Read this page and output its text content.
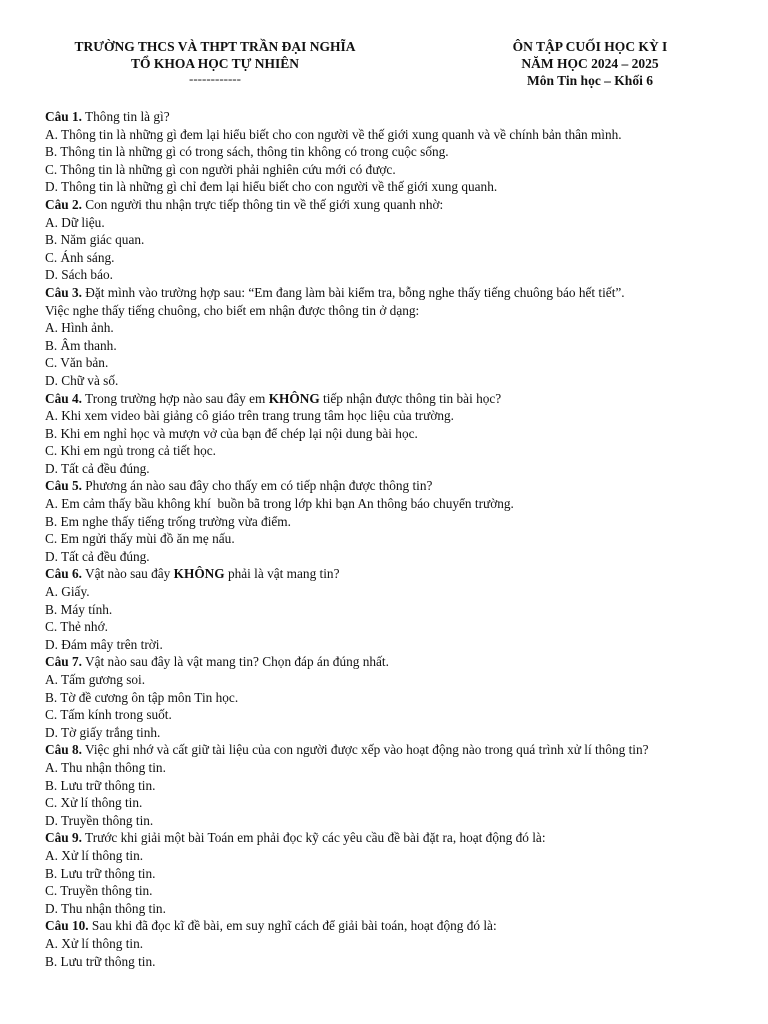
TRƯỜNG THCS VÀ THPT TRẦN ĐẠI NGHĨA
TỔ KHOA HỌC TỰ NHIÊN
------------
ÔN TẬP CUỐI HỌC KỲ I
NĂM HỌC 2024 – 2025
Môn Tin học – Khối 6
Câu 1. Thông tin là gì?
A. Thông tin là những gì đem lại hiểu biết cho con người về thế giới xung quanh và về chính bản thân mình.
B. Thông tin là những gì có trong sách, thông tin không có trong cuộc sống.
C. Thông tin là những gì con người phải nghiên cứu mới có được.
D. Thông tin là những gì chỉ đem lại hiểu biết cho con người về thế giới xung quanh.
Câu 2. Con người thu nhận trực tiếp thông tin về thế giới xung quanh nhờ:
A. Dữ liệu.
B. Năm giác quan.
C. Ánh sáng.
D. Sách báo.
Câu 3. Đặt mình vào trường hợp sau: “Em đang làm bài kiểm tra, bỗng nghe thấy tiếng chuông báo hết tiết”.
Việc nghe thấy tiếng chuông, cho biết em nhận được thông tin ở dạng:
A. Hình ảnh.
B. Âm thanh.
C. Văn bản.
D. Chữ và số.
Câu 4. Trong trường hợp nào sau đây em KHÔNG tiếp nhận được thông tin bài học?
A. Khi xem video bài giảng cô giáo trên trang trung tâm học liệu của trường.
B. Khi em nghỉ học và mượn vở của bạn để chép lại nội dung bài học.
C. Khi em ngủ trong cả tiết học.
D. Tất cả đều đúng.
Câu 5. Phương án nào sau đây cho thấy em có tiếp nhận được thông tin?
A. Em cảm thấy bầu không khí  buồn bã trong lớp khi bạn An thông báo chuyển trường.
B. Em nghe thấy tiếng trống trường vừa điểm.
C. Em ngửi thấy mùi đồ ăn mẹ nấu.
D. Tất cả đều đúng.
Câu 6. Vật nào sau đây KHÔNG phải là vật mang tin?
A. Giấy.
B. Máy tính.
C. Thẻ nhớ.
D. Đám mây trên trời.
Câu 7. Vật nào sau đây là vật mang tin? Chọn đáp án đúng nhất.
A. Tấm gương soi.
B. Tờ đề cương ôn tập môn Tin học.
C. Tấm kính trong suốt.
D. Tờ giấy trắng tinh.
Câu 8. Việc ghi nhớ và cất giữ tài liệu của con người được xếp vào hoạt động nào trong quá trình xử lí thông tin?
A. Thu nhận thông tin.
B. Lưu trữ thông tin.
C. Xử lí thông tin.
D. Truyền thông tin.
Câu 9. Trước khi giải một bài Toán em phải đọc kỹ các yêu cầu đề bài đặt ra, hoạt động đó là:
A. Xử lí thông tin.
B. Lưu trữ thông tin.
C. Truyền thông tin.
D. Thu nhận thông tin.
Câu 10. Sau khi đã đọc kĩ đề bài, em suy nghĩ cách để giải bài toán, hoạt động đó là:
A. Xử lí thông tin.
B. Lưu trữ thông tin.
